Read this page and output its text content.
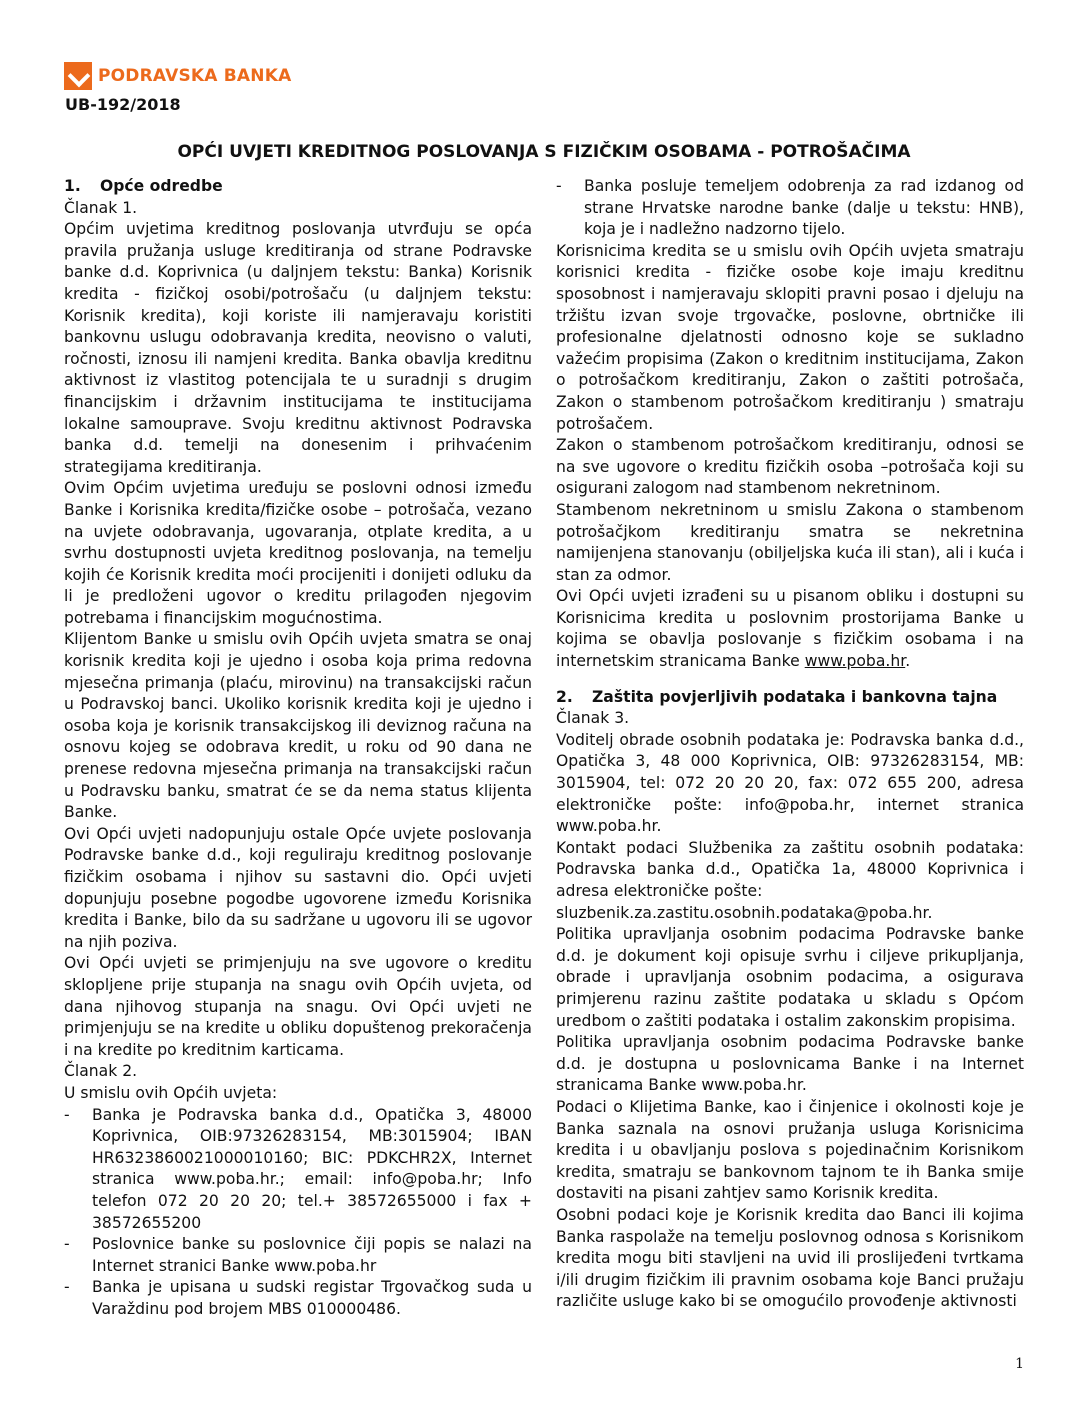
PODRAVSKA BANKA
UB-192/2018
OPĆI UVJETI KREDITNOG POSLOVANJA S FIZIČKIM OSOBAMA - POTROŠAČIMA
1.	Opće odredbe

Članak 1.

Općim uvjetima kreditnog poslovanja utvrđuju se opća pravila pružanja usluge kreditiranja od strane Podravske banke d.d. Koprivnica (u daljnjem tekstu: Banka) Korisnik kredita - fizičkoj osobi/potrošaču (u daljnjem tekstu: Korisnik kredita), koji koriste ili namjeravaju koristiti bankovnu uslugu odobravanja kredita, neovisno o valuti, ročnosti, iznosu ili namjeni kredita. Banka obavlja kreditnu aktivnost iz vlastitog potencijala te u suradnji s drugim financijskim i državnim institucijama te institucijama lokalne samouprave. Svoju kreditnu aktivnost Podravska banka d.d. temelji na donesenim i prihvaćenim strategijama kreditiranja.

Ovim Općim uvjetima uređuju se poslovni odnosi između Banke i Korisnika kredita/fizičke osobe – potrošača, vezano na uvjete odobravanja, ugovaranja, otplate kredita, a u svrhu dostupnosti uvjeta kreditnog poslovanja, na temelju kojih će Korisnik kredita moći procijeniti i donijeti odluku da li je predloženi ugovor o kreditu prilagođen njegovim potrebama i financijskim mogućnostima.

Klijentom Banke u smislu ovih Općih uvjeta smatra se onaj korisnik kredita koji je ujedno i osoba koja prima redovna mjesečna primanja (plaću, mirovinu) na transakcijski račun u Podravskoj banci. Ukoliko korisnik kredita koji je ujedno i osoba koja je korisnik transakcijskog ili deviznog računa na osnovu kojeg se odobrava kredit, u roku od 90 dana ne prenese redovna mjesečna primanja na transakcijski račun u Podravsku banku, smatrat će se da nema status klijenta Banke.

Ovi Opći uvjeti nadopunjuju ostale Opće uvjete poslovanja Podravske banke d.d., koji reguliraju kreditnog poslovanje fizičkim osobama i njihov su sastavni dio. Opći uvjeti dopunjuju posebne pogodbe ugovorene između Korisnika kredita i Banke, bilo da su sadržane u ugovoru ili se ugovor na njih poziva.

Ovi Opći uvjeti se primjenjuju na sve ugovore o kreditu sklopljene prije stupanja na snagu ovih Općih uvjeta, od dana njihovog stupanja na snagu. Ovi Opći uvjeti ne primjenjuju se na kredite u obliku dopuštenog prekoračenja i na kredite po kreditnim karticama.

Članak 2.

U smislu ovih Općih uvjeta:

- Banka je Podravska banka d.d., Opatička 3, 48000 Koprivnica, OIB:97326283154, MB:3015904; IBAN HR6323860021000010160; BIC: PDKCHR2X, Internet stranica www.poba.hr.; email: info@poba.hr; Info telefon 072 20 20 20; tel.+ 38572655000 i fax + 38572655200
- Poslovnice banke su poslovnice čiji popis se nalazi na Internet stranici Banke www.poba.hr
- Banka je upisana u sudski registar Trgovačkog suda u Varaždinu pod brojem MBS 010000486.
- Banka posluje temeljem odobrenja za rad izdanog od strane Hrvatske narodne banke (dalje u tekstu: HNB), koja je i nadležno nadzorno tijelo.

Korisnicima kredita se u smislu ovih Općih uvjeta smatraju korisnici kredita - fizičke osobe koje imaju kreditnu sposobnost i namjeravaju sklopiti pravni posao i djeluju na tržištu izvan svoje trgovačke, poslovne, obrtničke ili profesionalne djelatnosti odnosno koje se sukladno važećim propisima (Zakon o kreditnim institucijama, Zakon o potrošačkom kreditiranju, Zakon o zaštiti potrošača, Zakon o stambenom potrošačkom kreditiranju ) smatraju potrošačem.

Zakon o stambenom potrošačkom kreditiranju, odnosi se na sve ugovore o kreditu fizičkih osoba –potrošača koji su osigurani zalogom nad stambenom nekretninom.

Stambenom nekretninom u smislu Zakona o stambenom potrošačjkom kreditiranju smatra se nekretnina namijenjena stanovanju (obiljeljska kuća ili stan), ali i kuća i stan za odmor.

Ovi Opći uvjeti izrađeni su u pisanom obliku i dostupni su Korisnicima kredita u poslovnim prostorijama Banke u kojima se obavlja poslovanje s fizičkim osobama i na internetskim stranicama Banke www.poba.hr.

2.	Zaštita povjerljivih podataka i bankovna tajna

Članak 3.

Voditelj obrade osobnih podataka je: Podravska banka d.d., Opatička 3, 48 000 Koprivnica, OIB: 97326283154, MB: 3015904, tel: 072 20 20 20, fax: 072 655 200, adresa elektroničke pošte: info@poba.hr, internet stranica www.poba.hr.

Kontakt podaci Službenika za zaštitu osobnih podataka: Podravska banka d.d., Opatička 1a, 48000 Koprivnica i adresa elektroničke pošte:

sluzbenik.za.zastitu.osobnih.podataka@poba.hr.

Politika upravljanja osobnim podacima Podravske banke d.d. je dokument koji opisuje svrhu i ciljeve prikupljanja, obrade i upravljanja osobnim podacima, a osigurava primjerenu razinu zaštite podataka u skladu s Općom uredbom o zaštiti podataka i ostalim zakonskim propisima.

Politika upravljanja osobnim podacima Podravske banke d.d. je dostupna u poslovnicama Banke i na Internet stranicama Banke www.poba.hr.

Podaci o Klijetima Banke, kao i činjenice i okolnosti koje je Banka saznala na osnovi pružanja usluga Korisnicima kredita i u obavljanju poslova s pojedinačnim Korisnikom kredita, smatraju se bankovnom tajnom te ih Banka smije dostaviti na pisani zahtjev samo Korisnik kredita.

Osobni podaci koje je Korisnik kredita dao Banci ili kojima Banka raspolaže na temelju poslovnog odnosa s Korisnikom kredita mogu biti stavljeni na uvid ili proslijeđeni tvrtkama i/ili drugim fizičkim ili pravnim osobama koje Banci pružaju različite usluge kako bi se omogućilo provođenje aktivnosti

1
